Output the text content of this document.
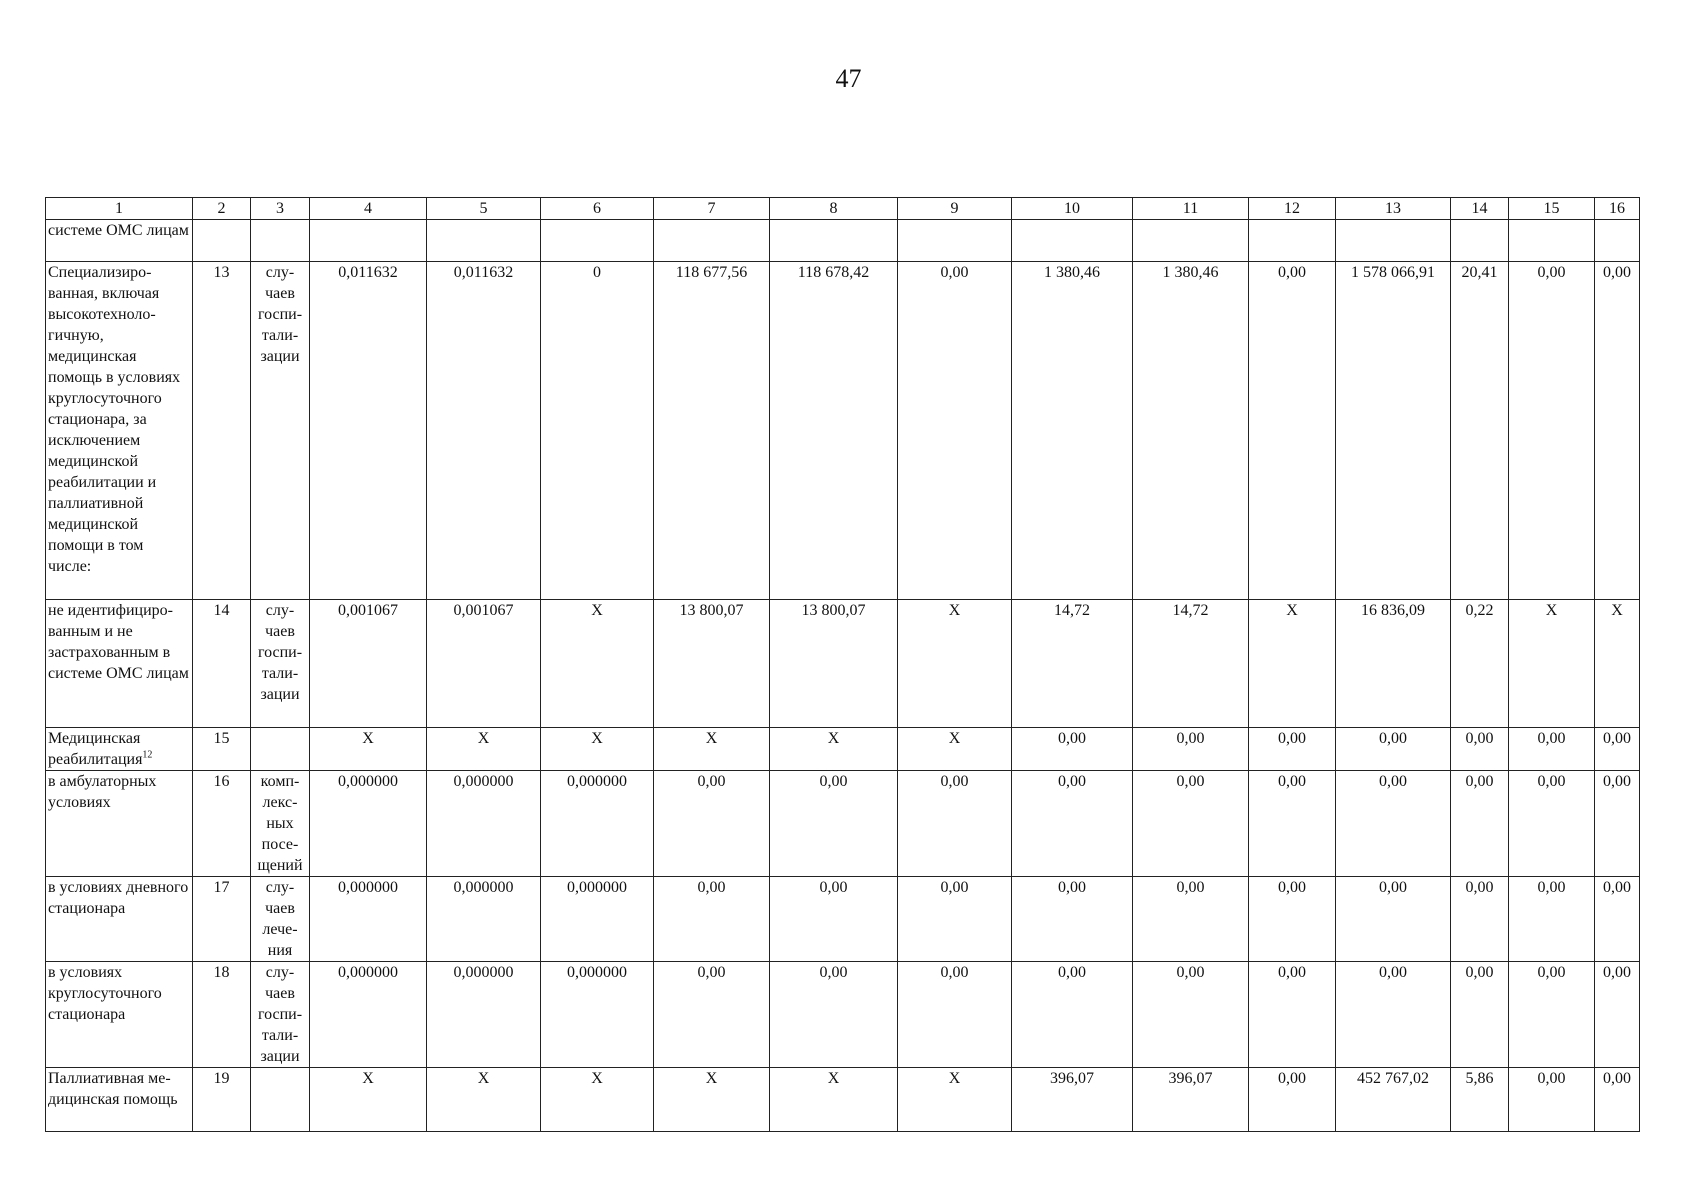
47
1	2	3	4	5	6	7	8	9	10	11	12	13	14	15	16
системе ОМС лицам															
Специализиро-ванная, включая высокотехноло-гичную, медицинская помощь в условиях круглосуточного стационара, за исключением медицинской реабилитации и паллиативной медицинской помощи в том числе:	13	слу-чаев госпи-тали-зации	0,011632	0,011632	0	118 677,56	118 678,42	0,00	1 380,46	1 380,46	0,00	1 578 066,91	20,41	0,00	0,00
не идентифициро-ванным и не застрахованным в системе ОМС лицам	14	слу-чаев госпи-тали-зации	0,001067	0,001067	X	13 800,07	13 800,07	X	14,72	14,72	X	16 836,09	0,22	X	X
Медицинская реабилитация$^{12}$	15		X	X	X	X	X	X	0,00	0,00	0,00	0,00	0,00	0,00	0,00
в амбулаторных условиях	16	комп-лекс-ных посе-щений	0,000000	0,000000	0,000000	0,00	0,00	0,00	0,00	0,00	0,00	0,00	0,00	0,00	0,00
в условиях дневного стационара	17	слу-чаев лече-ния	0,000000	0,000000	0,000000	0,00	0,00	0,00	0,00	0,00	0,00	0,00	0,00	0,00	0,00
в условиях круглосуточного стационара	18	слу-чаев госпи-тали-зации	0,000000	0,000000	0,000000	0,00	0,00	0,00	0,00	0,00	0,00	0,00	0,00	0,00	0,00
Паллиативная ме-дицинская помощь	19		X	X	X	X	X	X	396,07	396,07	0,00	452 767,02	5,86	0,00	0,00
